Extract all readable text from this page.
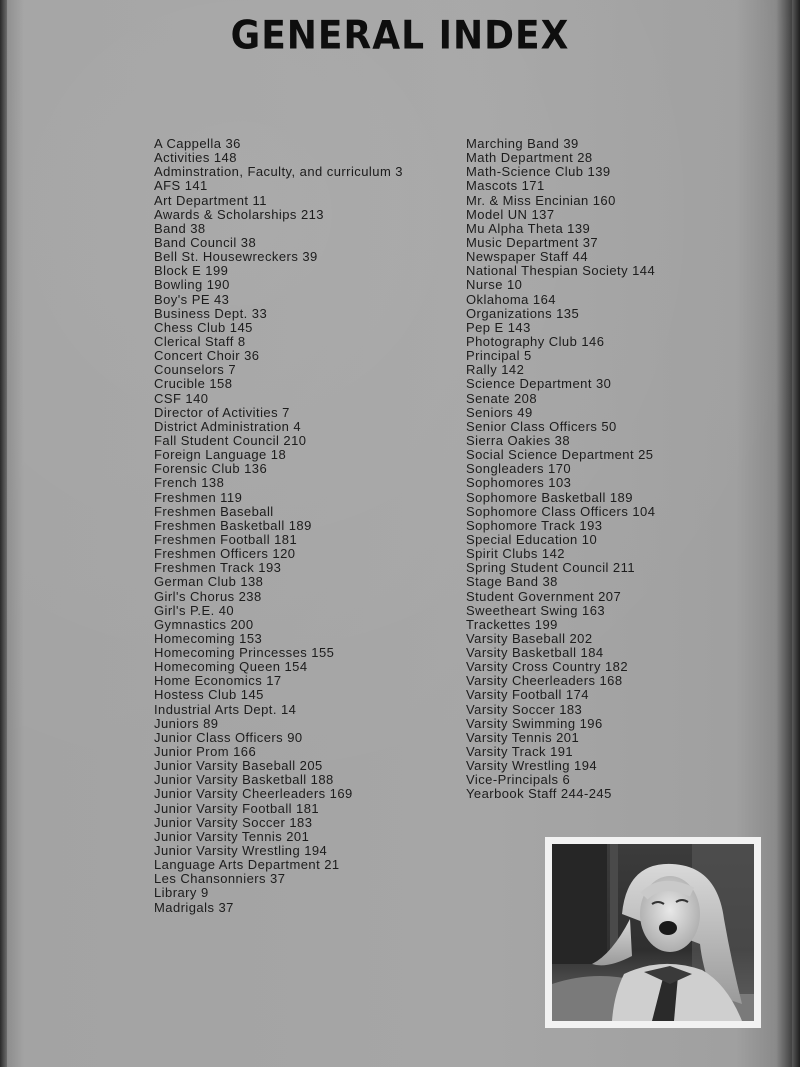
GENERAL INDEX
A Cappella 36
Activities 148
Adminstration, Faculty, and curriculum 3
AFS 141
Art Department 11
Awards & Scholarships 213
Band 38
Band Council 38
Bell St. Housewreckers 39
Block E 199
Bowling 190
Boy's PE 43
Business Dept. 33
Chess Club 145
Clerical Staff 8
Concert Choir 36
Counselors 7
Crucible 158
CSF 140
Director of Activities 7
District Administration 4
Fall Student Council 210
Foreign Language 18
Forensic Club 136
French 138
Freshmen 119
Freshmen Baseball
Freshmen Basketball 189
Freshmen Football 181
Freshmen Officers 120
Freshmen Track 193
German Club 138
Girl's Chorus 238
Girl's P.E. 40
Gymnastics 200
Homecoming 153
Homecoming Princesses 155
Homecoming Queen 154
Home Economics 17
Hostess Club 145
Industrial Arts Dept. 14
Juniors 89
Junior Class Officers 90
Junior Prom 166
Junior Varsity Baseball 205
Junior Varsity Basketball 188
Junior Varsity Cheerleaders 169
Junior Varsity Football 181
Junior Varsity Soccer 183
Junior Varsity Tennis 201
Junior Varsity Wrestling 194
Language Arts Department 21
Les Chansonniers 37
Library 9
Madrigals 37
Marching Band 39
Math Department 28
Math-Science Club 139
Mascots 171
Mr. & Miss Encinian 160
Model UN 137
Mu Alpha Theta 139
Music Department 37
Newspaper Staff 44
National Thespian Society 144
Nurse 10
Oklahoma 164
Organizations 135
Pep E 143
Photography Club 146
Principal 5
Rally 142
Science Department 30
Senate 208
Seniors 49
Senior Class Officers 50
Sierra Oakies 38
Social Science Department 25
Songleaders 170
Sophomores 103
Sophomore Basketball 189
Sophomore Class Officers 104
Sophomore Track 193
Special Education 10
Spirit Clubs 142
Spring Student Council 211
Stage Band 38
Student Government 207
Sweetheart Swing 163
Trackettes 199
Varsity Baseball 202
Varsity Basketball 184
Varsity Cross Country 182
Varsity Cheerleaders 168
Varsity Football 174
Varsity Soccer 183
Varsity Swimming 196
Varsity Tennis 201
Varsity Track 191
Varsity Wrestling 194
Vice-Principals 6
Yearbook Staff 244-245
